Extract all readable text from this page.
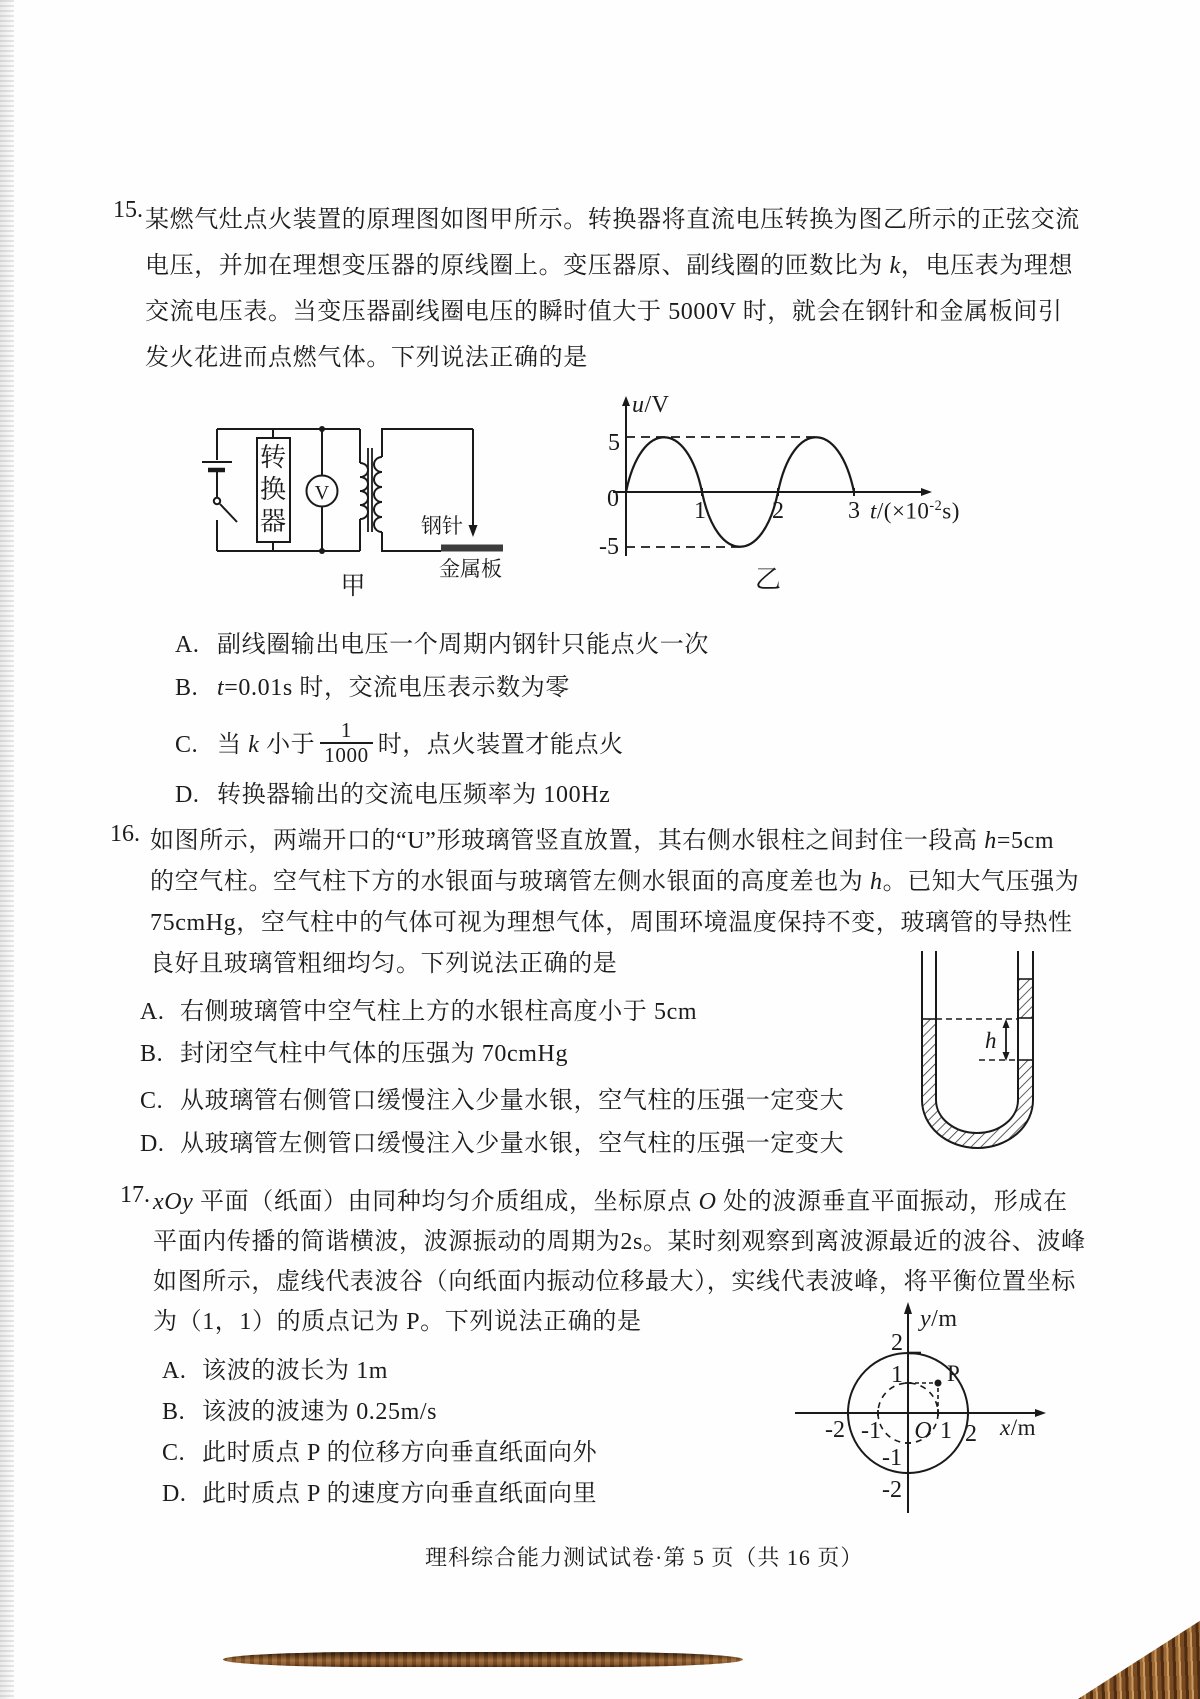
15. 某燃气灶点火装置的原理图如图甲所示。转换器将直流电压转换为图乙所示的正弦交流
电压，并加在理想变压器的原线圈上。变压器原、副线圈的匝数比为 k，电压表为理想
交流电压表。当变压器副线圈电压的瞬时值大于 5000V 时，就会在钢针和金属板间引
发火花进而点燃气体。下列说法正确的是
转
换
器
V
钢针
金属板
甲
5
0
-5
1	2	3
乙
u/V
$t/(\times 10^{-2}s)$
A. 副线圈输出电压一个周期内钢针只能点火一次
B. t=0.01s 时，交流电压表示数为零
C. 当 k 小于 $\frac{1}{1000}$ 时，点火装置才能点火
D. 转换器输出的交流电压频率为 100Hz
16. 如图所示，两端开口的“U”形玻璃管竖直放置，其右侧水银柱之间封住一段高 h=5cm
的空气柱。空气柱下方的水银面与玻璃管左侧水银面的高度差也为 h。已知大气压强为
75cmHg，空气柱中的气体可视为理想气体，周围环境温度保持不变，玻璃管的导热性
良好且玻璃管粗细均匀。下列说法正确的是
A. 右侧玻璃管中空气柱上方的水银柱高度小于 5cm
B. 封闭空气柱中气体的压强为 70cmHg
C. 从玻璃管右侧管口缓慢注入少量水银，空气柱的压强一定变大
D. 从玻璃管左侧管口缓慢注入少量水银，空气柱的压强一定变大
h
17. xOy 平面（纸面）由同种均匀介质组成，坐标原点 O 处的波源垂直平面振动，形成在
平面内传播的简谐横波，波源振动的周期为2s。某时刻观察到离波源最近的波谷、波峰
如图所示，虚线代表波谷（向纸面内振动位移最大），实线代表波峰，将平衡位置坐标
为（1，1）的质点记为 P。下列说法正确的是
A. 该波的波长为 1m
B. 该波的波速为 0.25m/s
C. 此时质点 P 的位移方向垂直纸面向外
D. 此时质点 P 的速度方向垂直纸面向里
2
1
-1
-2
-2 -1 O 1 2
P
y/m
x/m
理科综合能力测试试卷·第 5 页（共 16 页）
